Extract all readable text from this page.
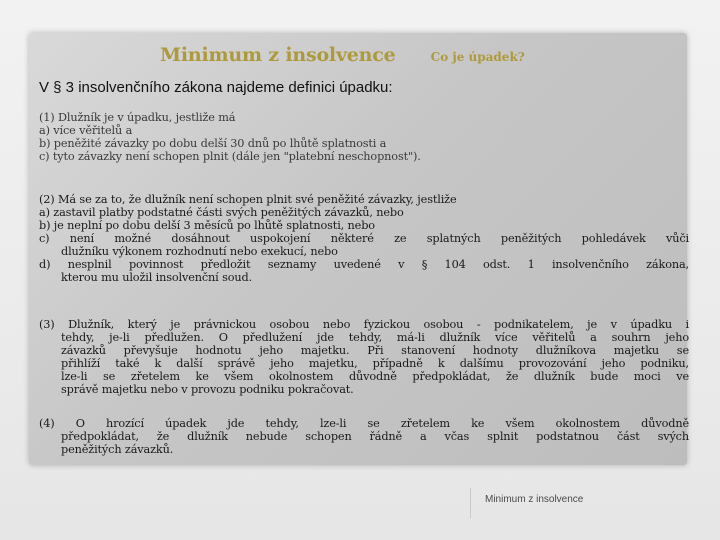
Minimum z insolvence	Co je úpadek?
V § 3 insolvenčního zákona najdeme definici úpadku:
(1) Dlužník je v úpadku, jestliže má
a) více věřitelů a
b) peněžité závazky po dobu delší 30 dnů po lhůtě splatnosti a
c) tyto závazky není schopen plnit (dále jen "platební neschopnost").
(2) Má se za to, že dlužník není schopen plnit své peněžité závazky, jestliže
a) zastavil platby podstatné části svých peněžitých závazků, nebo
b) je neplní po dobu delší 3 měsíců po lhůtě splatnosti, nebo
c) není možné dosáhnout uspokojení některé ze splatných peněžitých pohledávek vůči
dlužníku výkonem rozhodnutí nebo exekucí, nebo
d) nesplnil povinnost předložit seznamy uvedené v § 104 odst. 1 insolvenčního zákona,
kterou mu uložil insolvenční soud.
(3) Dlužník, který je právnickou osobou nebo fyzickou osobou - podnikatelem, je v úpadku i
tehdy, je-li předlužen. O předlužení jde tehdy, má-li dlužník více věřitelů a souhrn jeho
závazků převyšuje hodnotu jeho majetku. Při stanovení hodnoty dlužníkova majetku se
přihlíží také k další správě jeho majetku, případně k dalšímu provozování jeho podniku,
lze-li se zřetelem ke všem okolnostem důvodně předpokládat, že dlužník bude moci ve
správě majetku nebo v provozu podniku pokračovat.
(4) O hrozící úpadek jde tehdy, lze-li se zřetelem ke všem okolnostem důvodně
předpokládat, že dlužník nebude schopen řádně a včas splnit podstatnou část svých
peněžitých závazků.
Minimum z insolvence
